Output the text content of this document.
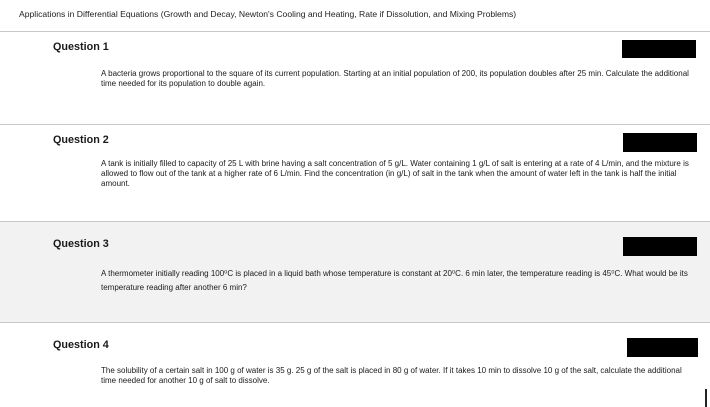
Applications in Differential Equations (Growth and Decay, Newton's Cooling and Heating, Rate if Dissolution, and Mixing Problems)
Question 1
A bacteria grows proportional to the square of its current population. Starting at an initial population of 200, its population doubles after 25 min. Calculate the additional time needed for its population to double again.
Question 2
A tank is initially filled to capacity of 25 L with brine having a salt concentration of 5 g/L. Water containing 1 g/L of salt is entering at a rate of 4 L/min, and the mixture is allowed to flow out of the tank at a higher rate of 6 L/min. Find the concentration (in g/L) of salt in the tank when the amount of water left in the tank is half the initial amount.
Question 3
A thermometer initially reading 100⁰C is placed in a liquid bath whose temperature is constant at 20⁰C. 6 min later, the temperature reading is 45⁰C. What would be its temperature reading after another 6 min?
Question 4
The solubility of a certain salt in 100 g of water is 35 g. 25 g of the salt is placed in 80 g of water. If it takes 10 min to dissolve 10 g of the salt, calculate the additional time needed for another 10 g of salt to dissolve.
